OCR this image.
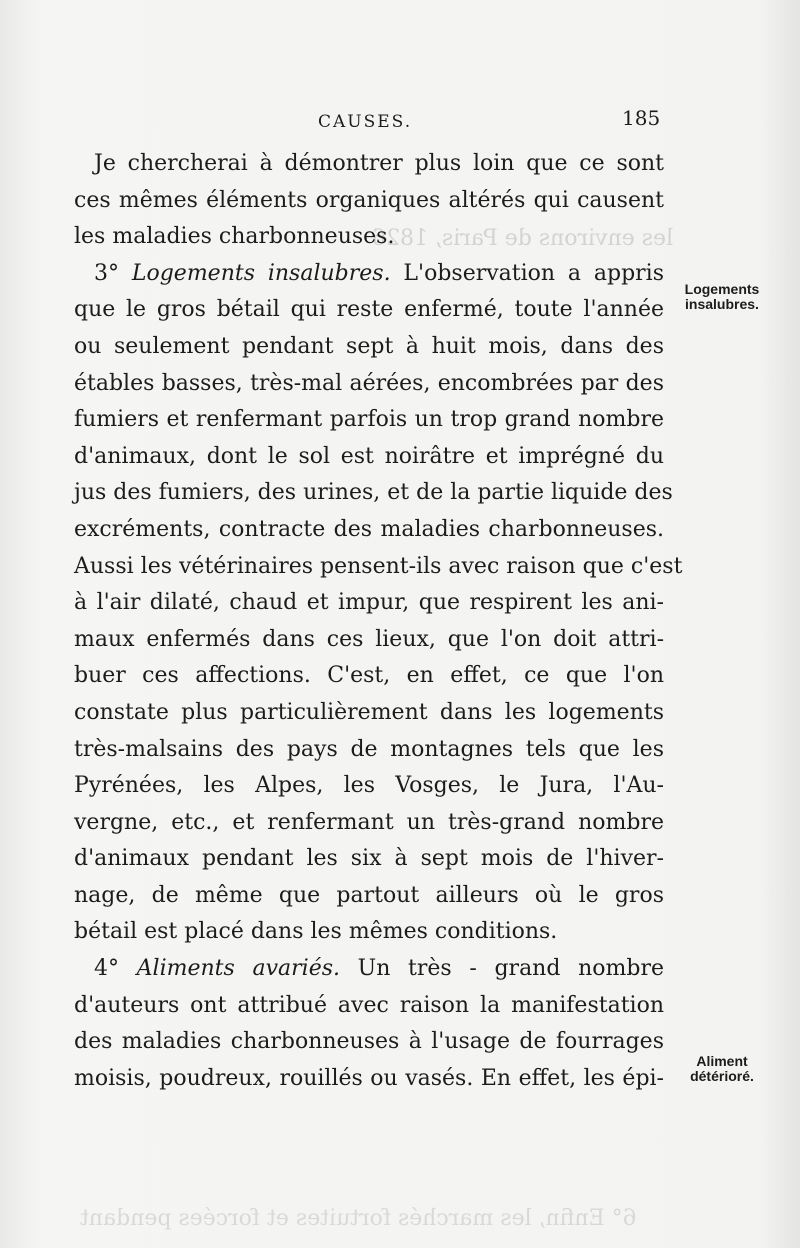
les environs de Paris, 1826
6° Enfin, les marchés fortuites et forcées pendant
CAUSES.	185
Je chercherai à démontrer plus loin que ce sont
ces mêmes éléments organiques altérés qui causent
les maladies charbonneuses.
3° Logements insalubres. L'observation a appris
que le gros bétail qui reste enfermé, toute l'année
ou seulement pendant sept à huit mois, dans des
étables basses, très-mal aérées, encombrées par des
fumiers et renfermant parfois un trop grand nombre
d'animaux, dont le sol est noirâtre et imprégné du
jus des fumiers, des urines, et de la partie liquide des
excréments, contracte des maladies charbonneuses.
Aussi les vétérinaires pensent-ils avec raison que c'est
à l'air dilaté, chaud et impur, que respirent les ani-
maux enfermés dans ces lieux, que l'on doit attri-
buer ces affections. C'est, en effet, ce que l'on
constate plus particulièrement dans les logements
très-malsains des pays de montagnes tels que les
Pyrénées, les Alpes, les Vosges, le Jura, l'Au-
vergne, etc., et renfermant un très-grand nombre
d'animaux pendant les six à sept mois de l'hiver-
nage, de même que partout ailleurs où le gros
bétail est placé dans les mêmes conditions.
4° Aliments avariés. Un très - grand nombre
d'auteurs ont attribué avec raison la manifestation
des maladies charbonneuses à l'usage de fourrages
moisis, poudreux, rouillés ou vasés. En effet, les épi-
Logements
insalubres.
Aliment
détérioré.
